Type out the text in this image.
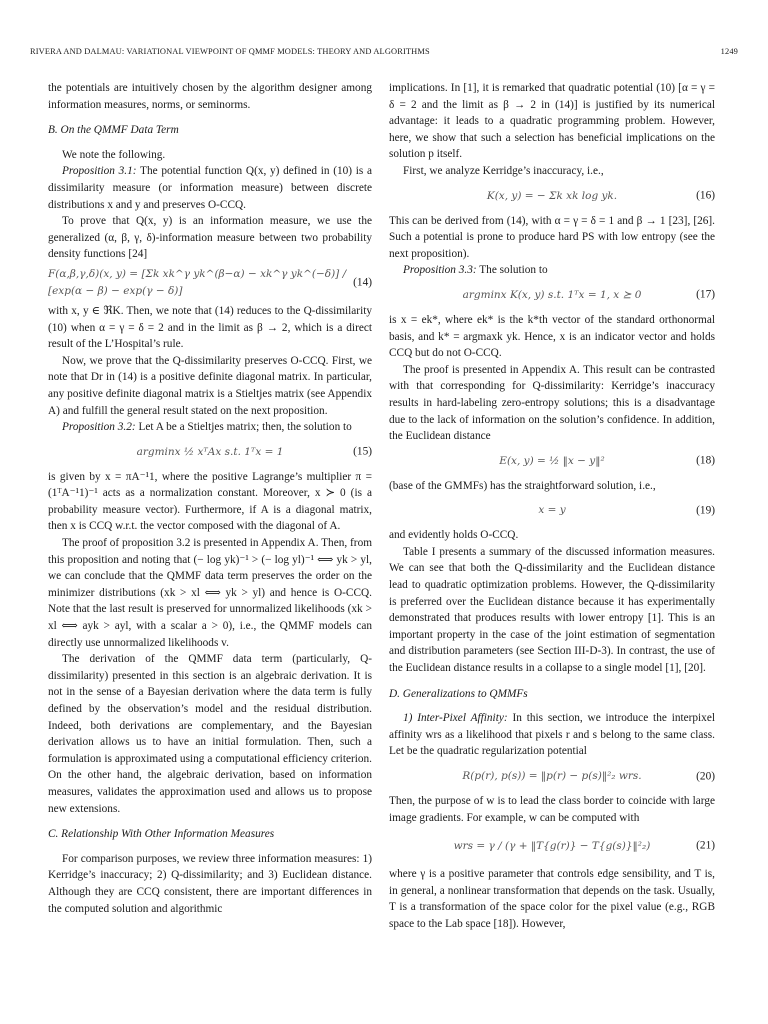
RIVERA AND DALMAU: VARIATIONAL VIEWPOINT OF QMMF MODELS: THEORY AND ALGORITHMS	1249

the potentials are intuitively chosen by the algorithm designer among information measures, norms, or seminorms.

B. On the QMMF Data Term

We note the following.

Proposition 3.1: The potential function Q(x, y) defined in (10) is a dissimilarity measure (or information measure) between discrete distributions x and y and preserves O-CCQ.

To prove that Q(x, y) is an information measure, we use the generalized (α, β, γ, δ)-information measure between two probability density functions [24]

F(α,β,γ,δ)(x, y) = [Σk xk^γ yk^(β−α) − xk^γ yk^(−δ)] / [exp(α − β) − exp(γ − δ)]
(14)

with x, y ∈ ℜK. Then, we note that (14) reduces to the Q-dissimilarity (10) when α = γ = δ = 2 and in the limit as β → 2, which is a direct result of the L’Hospital’s rule.

Now, we prove that the Q-dissimilarity preserves O-CCQ. First, we note that Dr in (14) is a positive definite diagonal matrix. In particular, any positive definite diagonal matrix is a Stieltjes matrix (see Appendix A) and fulfill the general result stated on the next proposition.

Proposition 3.2: Let A be a Stieltjes matrix; then, the solution to

argminx ½ xᵀAx s.t. 1ᵀx = 1	(15)

is given by x = πA⁻¹1, where the positive Lagrange’s multiplier π = (1ᵀA⁻¹1)⁻¹ acts as a normalization constant. Moreover, x ≻ 0 (is a probability measure vector). Furthermore, if A is a diagonal matrix, then x is CCQ w.r.t. the vector composed with the diagonal of A.

The proof of proposition 3.2 is presented in Appendix A. Then, from this proposition and noting that (− log yk)⁻¹ > (− log yl)⁻¹ ⟺ yk > yl, we can conclude that the QMMF data term preserves the order on the minimizer distributions (xk > xl ⟺ yk > yl) and hence is O-CCQ. Note that the last result is preserved for unnormalized likelihoods (xk > xl ⟺ ayk > ayl, with a scalar a > 0), i.e., the QMMF models can directly use unnormalized likelihoods v.

The derivation of the QMMF data term (particularly, Q-dissimilarity) presented in this section is an algebraic derivation. It is not in the sense of a Bayesian derivation where the data term is fully defined by the observation’s model and the residual distribution. Indeed, both derivations are complementary, and the Bayesian derivation allows us to have an initial formulation. Then, such a formulation is approximated using a computational efficiency criterion. On the other hand, the algebraic derivation, based on information measures, validates the approximation used and allows us to propose new extensions.

C. Relationship With Other Information Measures

For comparison purposes, we review three information measures: 1) Kerridge’s inaccuracy; 2) Q-dissimilarity; and 3) Euclidean distance. Although they are CCQ consistent, there are important differences in the computed solution and algorithmic

implications. In [1], it is remarked that quadratic potential (10) [α = γ = δ = 2 and the limit as β → 2 in (14)] is justified by its numerical advantage: it leads to a quadratic programming problem. However, here, we show that such a selection has beneficial implications on the solution p itself.

First, we analyze Kerridge’s inaccuracy, i.e.,

K(x, y) = − Σk xk log yk.	(16)

This can be derived from (14), with α = γ = δ = 1 and β → 1 [23], [26]. Such a potential is prone to produce hard PS with low entropy (see the next proposition).

Proposition 3.3: The solution to

argminx K(x, y) s.t. 1ᵀx = 1, x ⪰ 0	(17)

is x = ek*, where ek* is the k*th vector of the standard orthonormal basis, and k* = argmaxk yk. Hence, x is an indicator vector and holds CCQ but do not O-CCQ.

The proof is presented in Appendix A. This result can be contrasted with that corresponding for Q-dissimilarity: Kerridge’s inaccuracy results in hard-labeling zero-entropy solutions; this is a disadvantage due to the lack of information on the solution’s confidence. In addition, the Euclidean distance

E(x, y) = ½ ‖x − y‖²	(18)

(base of the GMMFs) has the straightforward solution, i.e.,

x = y	(19)

and evidently holds O-CCQ.

Table I presents a summary of the discussed information measures. We can see that both the Q-dissimilarity and the Euclidean distance lead to quadratic optimization problems. However, the Q-dissimilarity is preferred over the Euclidean distance because it has experimentally demonstrated that produces results with lower entropy [1]. This is an important property in the case of the joint estimation of segmentation and distribution parameters (see Section III-D-3). In contrast, the use of the Euclidean distance results in a collapse to a single model [1], [20].

D. Generalizations to QMMFs

1) Inter-Pixel Affinity: In this section, we introduce the interpixel affinity wrs as a likelihood that pixels r and s belong to the same class. Let be the quadratic regularization potential

R(p(r), p(s)) = ‖p(r) − p(s)‖²₂ wrs.	(20)

Then, the purpose of w is to lead the class border to coincide with large image gradients. For example, w can be computed with

wrs = γ / (γ + ‖T{g(r)} − T{g(s)}‖²₂)	(21)

where γ is a positive parameter that controls edge sensibility, and T is, in general, a nonlinear transformation that depends on the task. Usually, T is a transformation of the space color for the pixel value (e.g., RGB space to the Lab space [18]). However,
